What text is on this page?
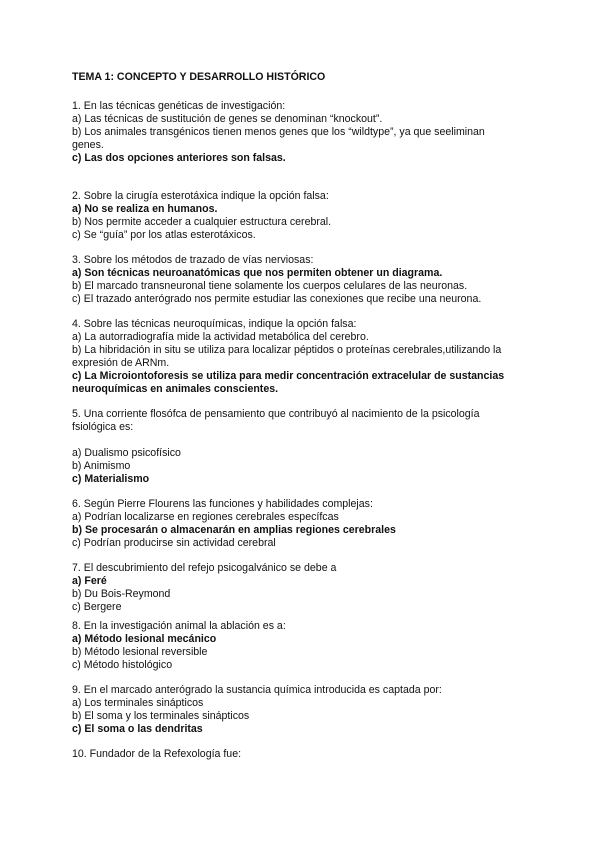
TEMA 1: CONCEPTO Y DESARROLLO HISTÓRICO
1. En las técnicas genéticas de investigación:
a) Las técnicas de sustitución de genes se denominan “knockout”.
b) Los animales transgénicos tienen menos genes que los “wildtype”, ya que seeliminan
genes.
c) Las dos opciones anteriores son falsas.
2. Sobre la cirugía esterotáxica indique la opción falsa:
a) No se realiza en humanos.
b) Nos permite acceder a cualquier estructura cerebral.
c) Se “guía” por los atlas esterotáxicos.
3. Sobre los métodos de trazado de vías nerviosas:
a) Son técnicas neuroanatómicas que nos permiten obtener un diagrama.
b) El marcado transneuronal tiene solamente los cuerpos celulares de las neuronas.
c) El trazado anterógrado nos permite estudiar las conexiones que recibe una neurona.
4. Sobre las técnicas neuroquímicas, indique la opción falsa:
a) La autorradiografía mide la actividad metabólica del cerebro.
b) La hibridación in situ se utiliza para localizar péptidos o proteínas cerebrales,utilizando la
expresión de ARNm.
c) La Microiontoforesis se utiliza para medir concentración extracelular de sustancias
neuroquímicas en animales conscientes.
5. Una corriente flosófca de pensamiento que contribuyó al nacimiento de la psicología
fsiológica es:
a) Dualismo psicofísico
b) Animismo
c) Materialismo
6. Según Pierre Flourens las funciones y habilidades complejas:
a) Podrían localizarse en regiones cerebrales específcas
b) Se procesarán o almacenarán en amplias regiones cerebrales
c) Podrían producirse sin actividad cerebral
7. El descubrimiento del refejo psicogalvánico se debe a
a) Feré
b) Du Bois-Reymond
c) Bergere
8. En la investigación animal la ablación es a:
a) Método lesional mecánico
b) Método lesional reversible
c) Método histológico
9. En el marcado anterógrado la sustancia química introducida es captada por:
a) Los terminales sinápticos
b) El soma y los terminales sinápticos
c) El soma o las dendritas
10. Fundador de la Refexología fue:
